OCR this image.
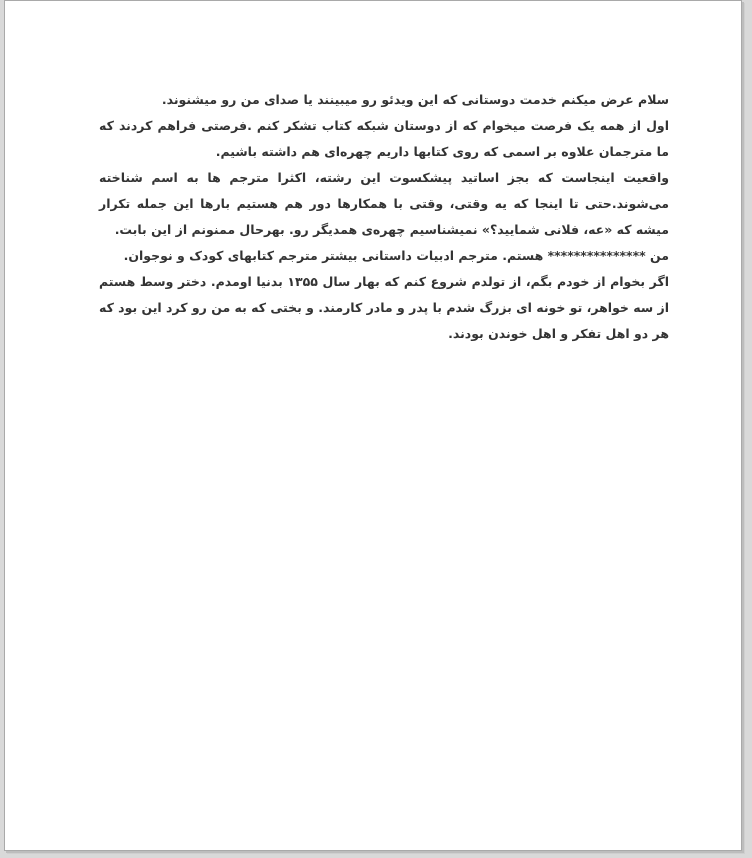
سلام عرض میکنم خدمت دوستانی که این ویدئو رو میبینند یا صدای من رو میشنوند.

اول از همه یک فرصت میخوام که از دوستان شبکه کتاب تشکر کنم .فرصتی فراهم کردند که ما مترجمان علاوه بر اسمی که روی کتابها داریم چهره‌ای هم داشته باشیم.

واقعیت اینجاست که بجز اساتید پیشکسوت این رشته، اکثرا مترجم ها به اسم شناخته می‌شوند.حتی تا اینجا که یه وقتی، وقتی با همکارها دور هم هستیم بارها این جمله تکرار میشه که «عه، فلانی شمایید؟» نمیشناسیم چهره‌ی همدیگر رو. بهرحال ممنونم از این بابت.

من *************** هستم. مترجم ادبیات داستانی بیشتر مترجم کتابهای کودک و نوجوان.

اگر بخوام از خودم بگم، از تولدم شروع کنم که بهار سال ۱۳۵۵ بدنیا اومدم. دختر وسط هستم از سه خواهر، تو خونه ای بزرگ شدم با پدر و مادر کارمند. و بختی که به من رو کرد این بود که هر دو اهل تفکر و اهل خوندن بودند.
